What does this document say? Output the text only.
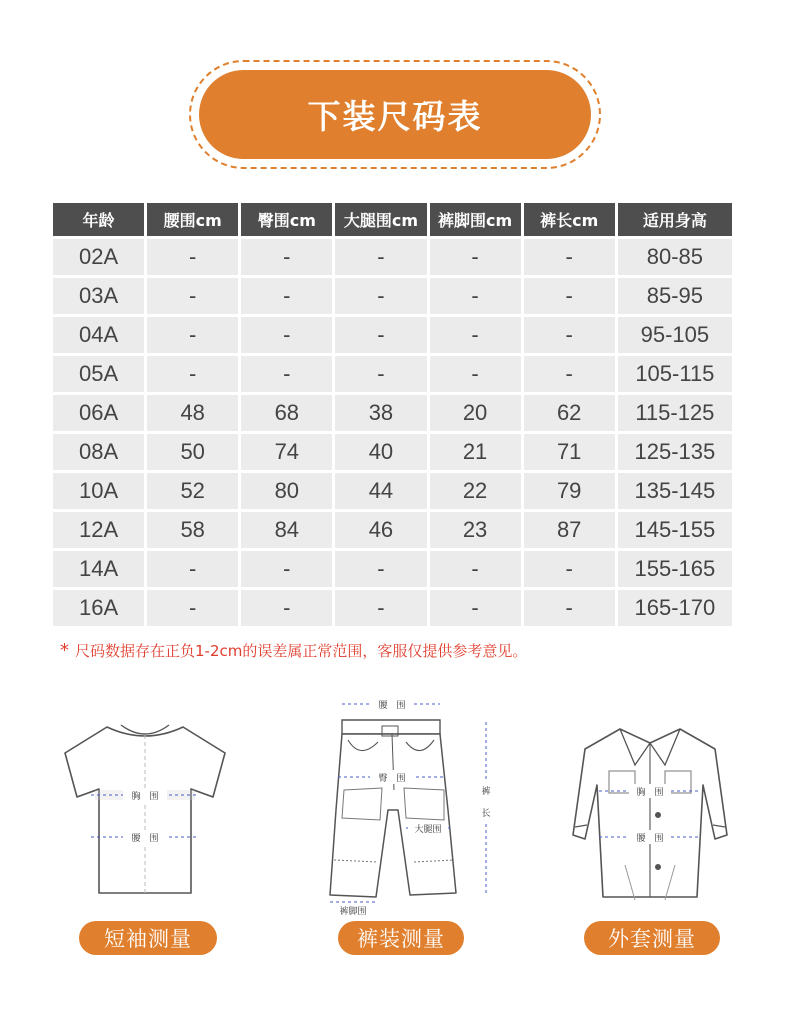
下装尺码表
年龄	腰围cm	臀围cm	大腿围cm	裤脚围cm	裤长cm	适用身高
02A	-	-	-	-	-	80-85
03A	-	-	-	-	-	85-95
04A	-	-	-	-	-	95-105
05A	-	-	-	-	-	105-115
06A	48	68	38	20	62	115-125
08A	50	74	40	21	71	125-135
10A	52	80	44	22	79	135-145
12A	58	84	46	23	87	145-155
14A	-	-	-	-	-	155-165
16A	-	-	-	-	-	165-170
* 尺码数据存在正负1-2cm的误差属正常范围，客服仅提供参考意见。
胸　围
腰　围
短袖测量
腰　围
臀　围
大腿围
裤
长
裤脚围
裤装测量
胸　围
腰　围
外套测量
